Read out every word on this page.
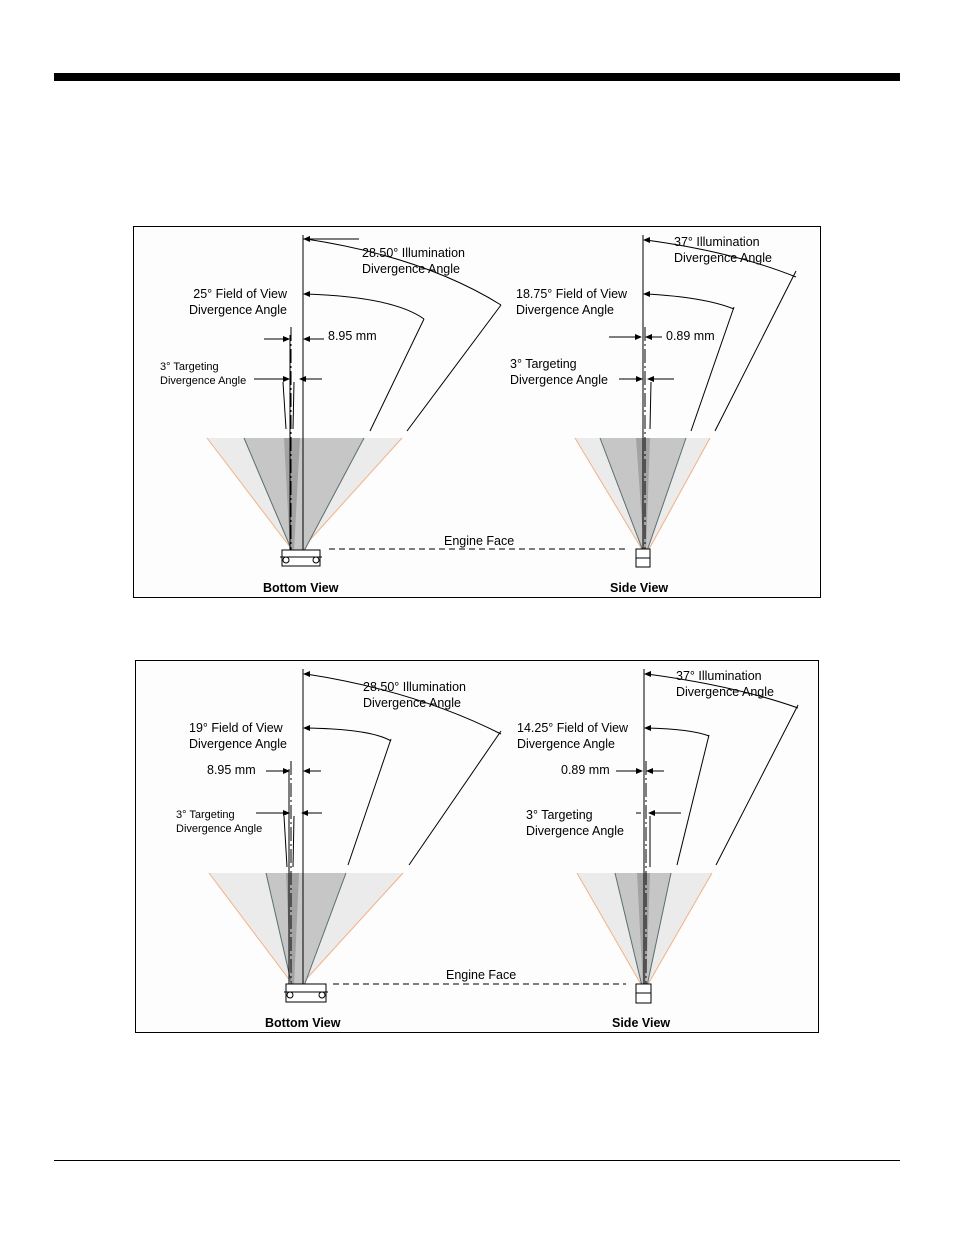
28.50° Illumination
Divergence Angle
25° Field of View
Divergence Angle
8.95 mm
3° Targeting
Divergence Angle
37° Illumination
Divergence Angle
18.75° Field of View
Divergence Angle
0.89 mm
3° Targeting
Divergence Angle
Engine Face
Bottom View	Side View
28.50° Illumination
Divergence Angle
19° Field of View
Divergence Angle
8.95 mm
3° Targeting
Divergence Angle
37° Illumination
Divergence Angle
14.25° Field of View
Divergence Angle
0.89 mm
3° Targeting
Divergence Angle
Engine Face
Bottom View	Side View
